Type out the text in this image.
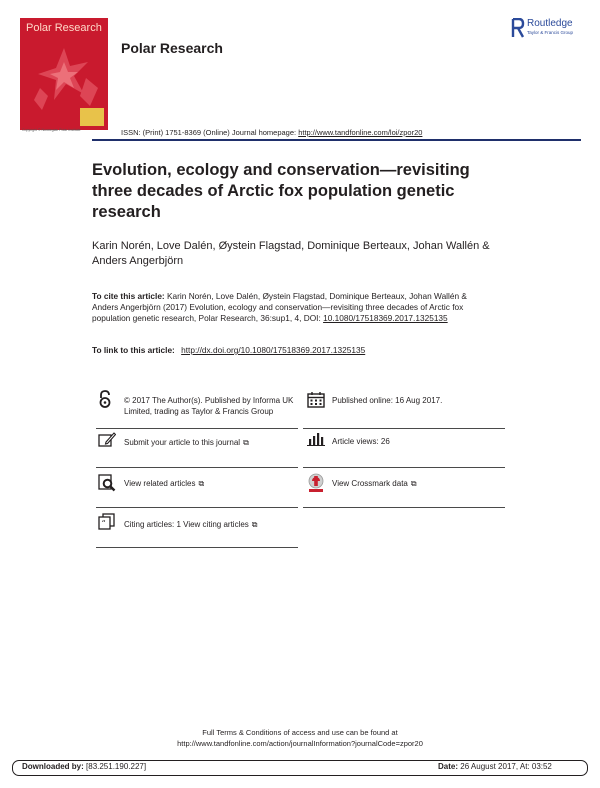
Polar Research
Copyright © Norwegian Polar Institute
Polar Research
Routledge
Taylor & Francis Group
ISSN: (Print) 1751-8369 (Online) Journal homepage: http://www.tandfonline.com/loi/zpor20
Evolution, ecology and conservation—revisiting three decades of Arctic fox population genetic research
Karin Norén, Love Dalén, Øystein Flagstad, Dominique Berteaux, Johan Wallén & Anders Angerbjörn
To cite this article: Karin Norén, Love Dalén, Øystein Flagstad, Dominique Berteaux, Johan Wallén & Anders Angerbjörn (2017) Evolution, ecology and conservation—revisiting three decades of Arctic fox population genetic research, Polar Research, 36:sup1, 4, DOI: 10.1080/17518369.2017.1325135
To link to this article: http://dx.doi.org/10.1080/17518369.2017.1325135
© 2017 The Author(s). Published by Informa UK Limited, trading as Taylor & Francis Group
Published online: 16 Aug 2017.
Submit your article to this journal ⧉	Article views: 26
View related articles ⧉	View Crossmark data ⧉
“ Citing articles: 1 View citing articles ⧉
Full Terms & Conditions of access and use can be found at
http://www.tandfonline.com/action/journalInformation?journalCode=zpor20
Downloaded by: [83.251.190.227]	Date: 26 August 2017, At: 03:52
